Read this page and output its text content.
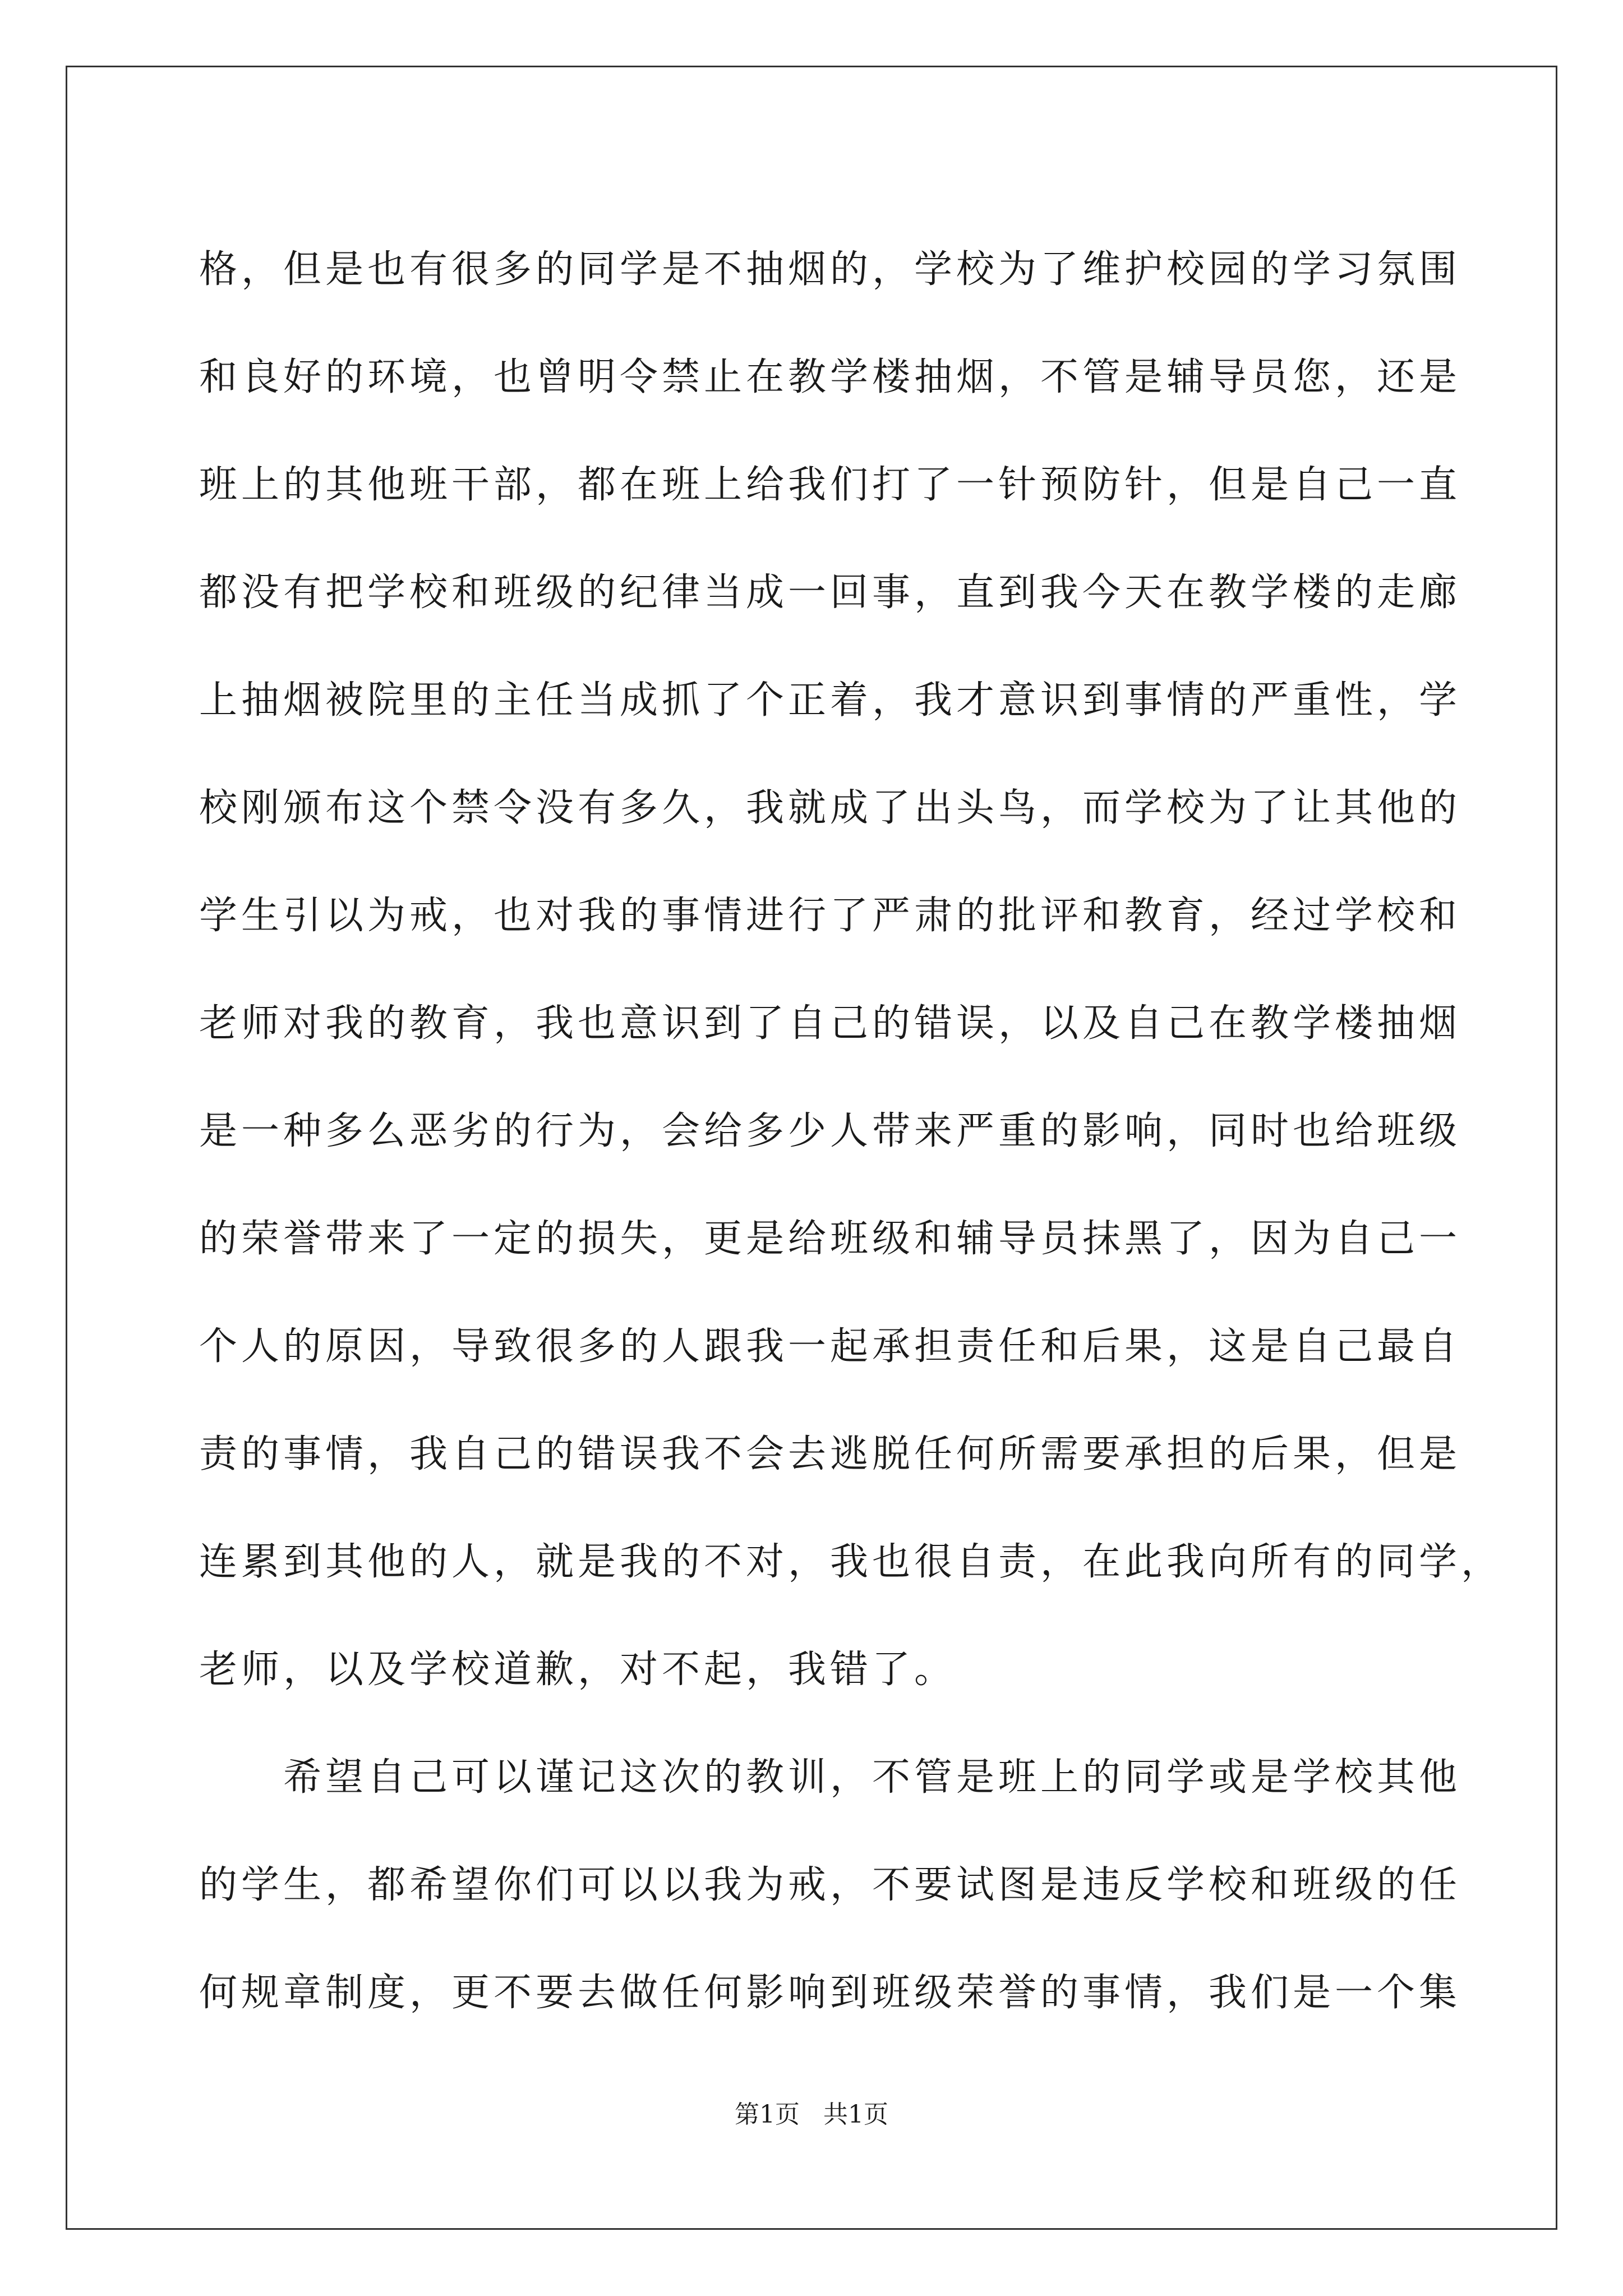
格，但是也有很多的同学是不抽烟的，学校为了维护校园的学习氛围
和良好的环境，也曾明令禁止在教学楼抽烟，不管是辅导员您，还是
班上的其他班干部，都在班上给我们打了一针预防针，但是自己一直
都没有把学校和班级的纪律当成一回事，直到我今天在教学楼的走廊
上抽烟被院里的主任当成抓了个正着，我才意识到事情的严重性，学
校刚颁布这个禁令没有多久，我就成了出头鸟，而学校为了让其他的
学生引以为戒，也对我的事情进行了严肃的批评和教育，经过学校和
老师对我的教育，我也意识到了自己的错误，以及自己在教学楼抽烟
是一种多么恶劣的行为，会给多少人带来严重的影响，同时也给班级
的荣誉带来了一定的损失，更是给班级和辅导员抹黑了，因为自己一
个人的原因，导致很多的人跟我一起承担责任和后果，这是自己最自
责的事情，我自己的错误我不会去逃脱任何所需要承担的后果，但是
连累到其他的人，就是我的不对，我也很自责，在此我向所有的同学，
老师，以及学校道歉，对不起，我错了。
　　希望自己可以谨记这次的教训，不管是班上的同学或是学校其他
的学生，都希望你们可以以我为戒，不要试图是违反学校和班级的任
何规章制度，更不要去做任何影响到班级荣誉的事情，我们是一个集
第1页 共1页
